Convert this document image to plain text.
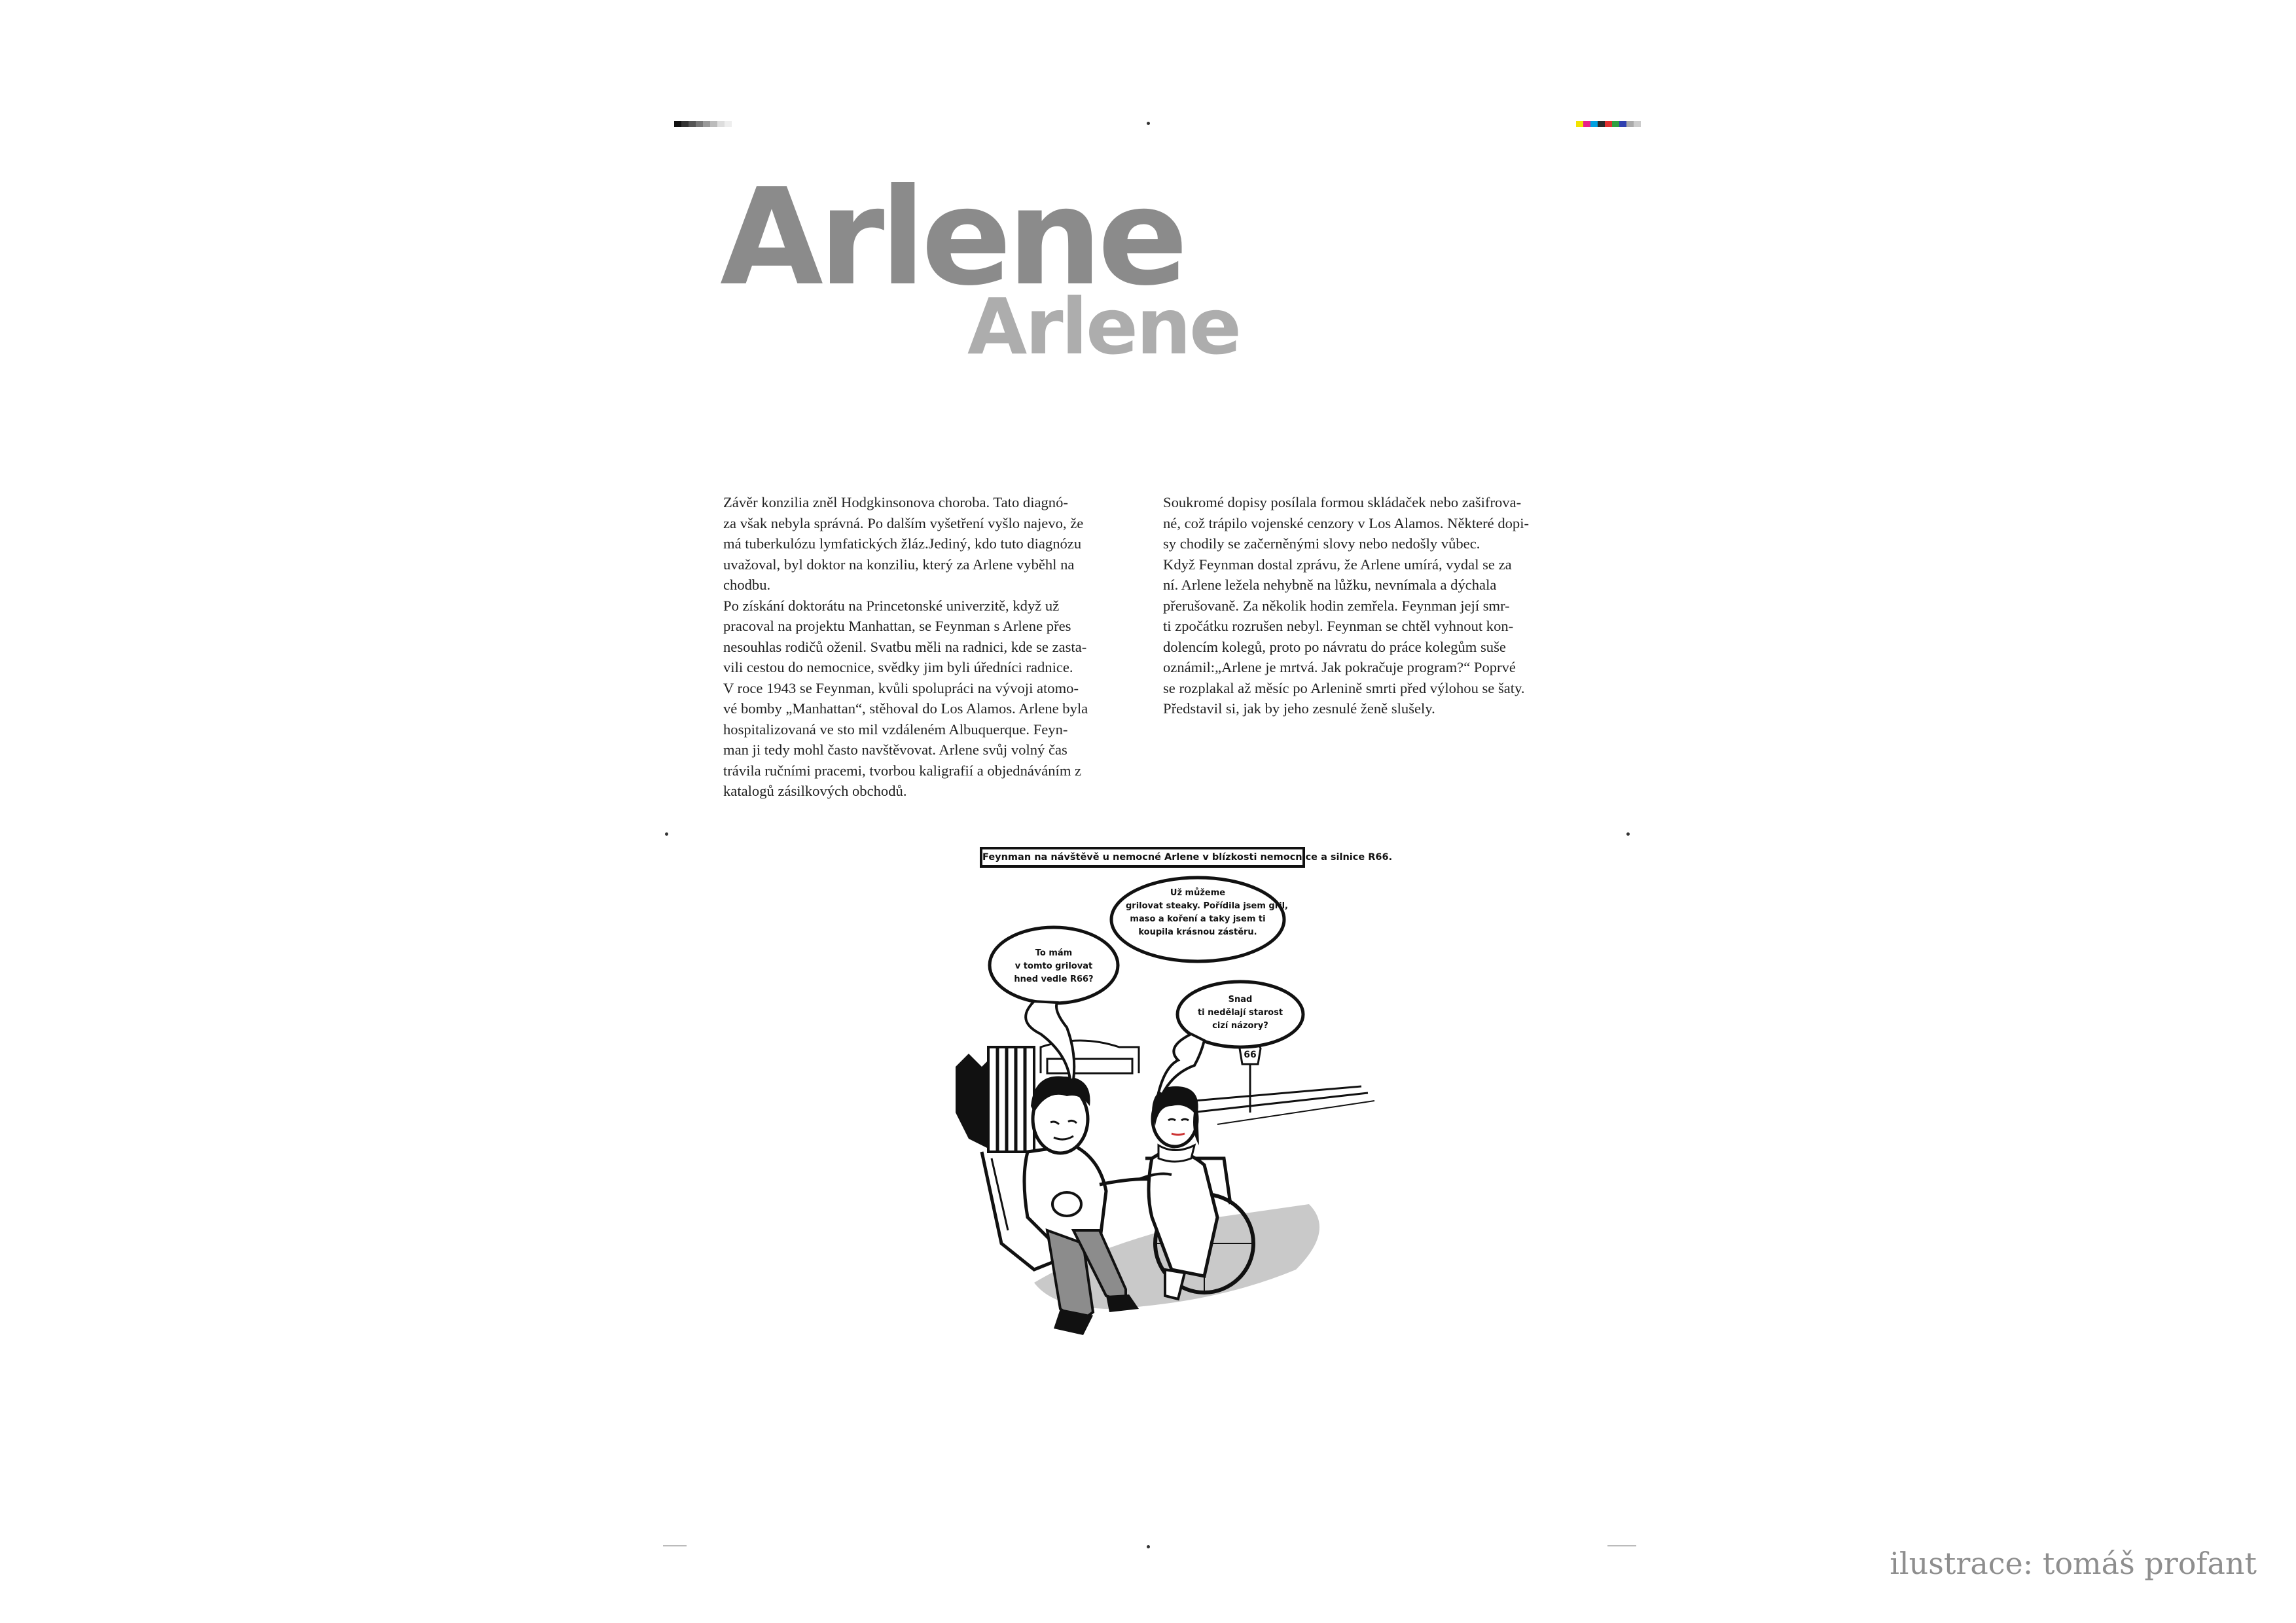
Arlene
Arlene

Závěr konzilia zněl Hodgkinsonova choroba. Tato diagnó-

za však nebyla správná. Po dalším vyšetření vyšlo najevo, že

má tuberkulózu lymfatických žláz.Jediný, kdo tuto diagnózu

uvažoval, byl doktor na konziliu, který za Arlene vyběhl na

chodbu.

Po získání doktorátu na Princetonské univerzitě, když už

pracoval na projektu Manhattan, se Feynman s Arlene přes

nesouhlas rodičů oženil. Svatbu měli na radnici, kde se zasta-

vili cestou do nemocnice, svědky jim byli úředníci radnice.

V roce 1943 se Feynman, kvůli spolupráci na vývoji atomo-

vé bomby „Manhattan“, stěhoval do Los Alamos. Arlene byla

hospitalizovaná ve sto mil vzdáleném Albuquerque. Feyn-

man ji tedy mohl často navštěvovat. Arlene svůj volný čas

trávila ručními pracemi, tvorbou kaligrafií a objednáváním z

katalogů zásilkových obchodů.

Soukromé dopisy posílala formou skládaček nebo zašifrova-

né, což trápilo vojenské cenzory v Los Alamos. Některé dopi-

sy chodily se začerněnými slovy nebo nedošly vůbec.

Když Feynman dostal zprávu, že Arlene umírá, vydal se za

ní. Arlene ležela nehybně na lůžku, nevnímala a dýchala

přerušovaně. Za několik hodin zemřela. Feynman její smr-

ti zpočátku rozrušen nebyl. Feynman se chtěl vyhnout kon-

dolencím kolegů, proto po návratu do práce kolegům suše

oznámil:„Arlene je mrtvá. Jak pokračuje program?“ Poprvé

se rozplakal až měsíc po Arlenině smrti před výlohou se šaty.

Představil si, jak by jeho zesnulé ženě slušely.

Feynman na návštěvě u nemocné Arlene v blízkosti nemocnice a silnice R66.
66
To mám
v tomto grilovat
hned vedle R66?
Už můžeme
grilovat steaky. Pořídila jsem gril,
maso a koření a taky jsem ti
koupila krásnou zástěru.
Snad
ti nedělají starost
cizí názory?
ilustrace: tomáš profant
